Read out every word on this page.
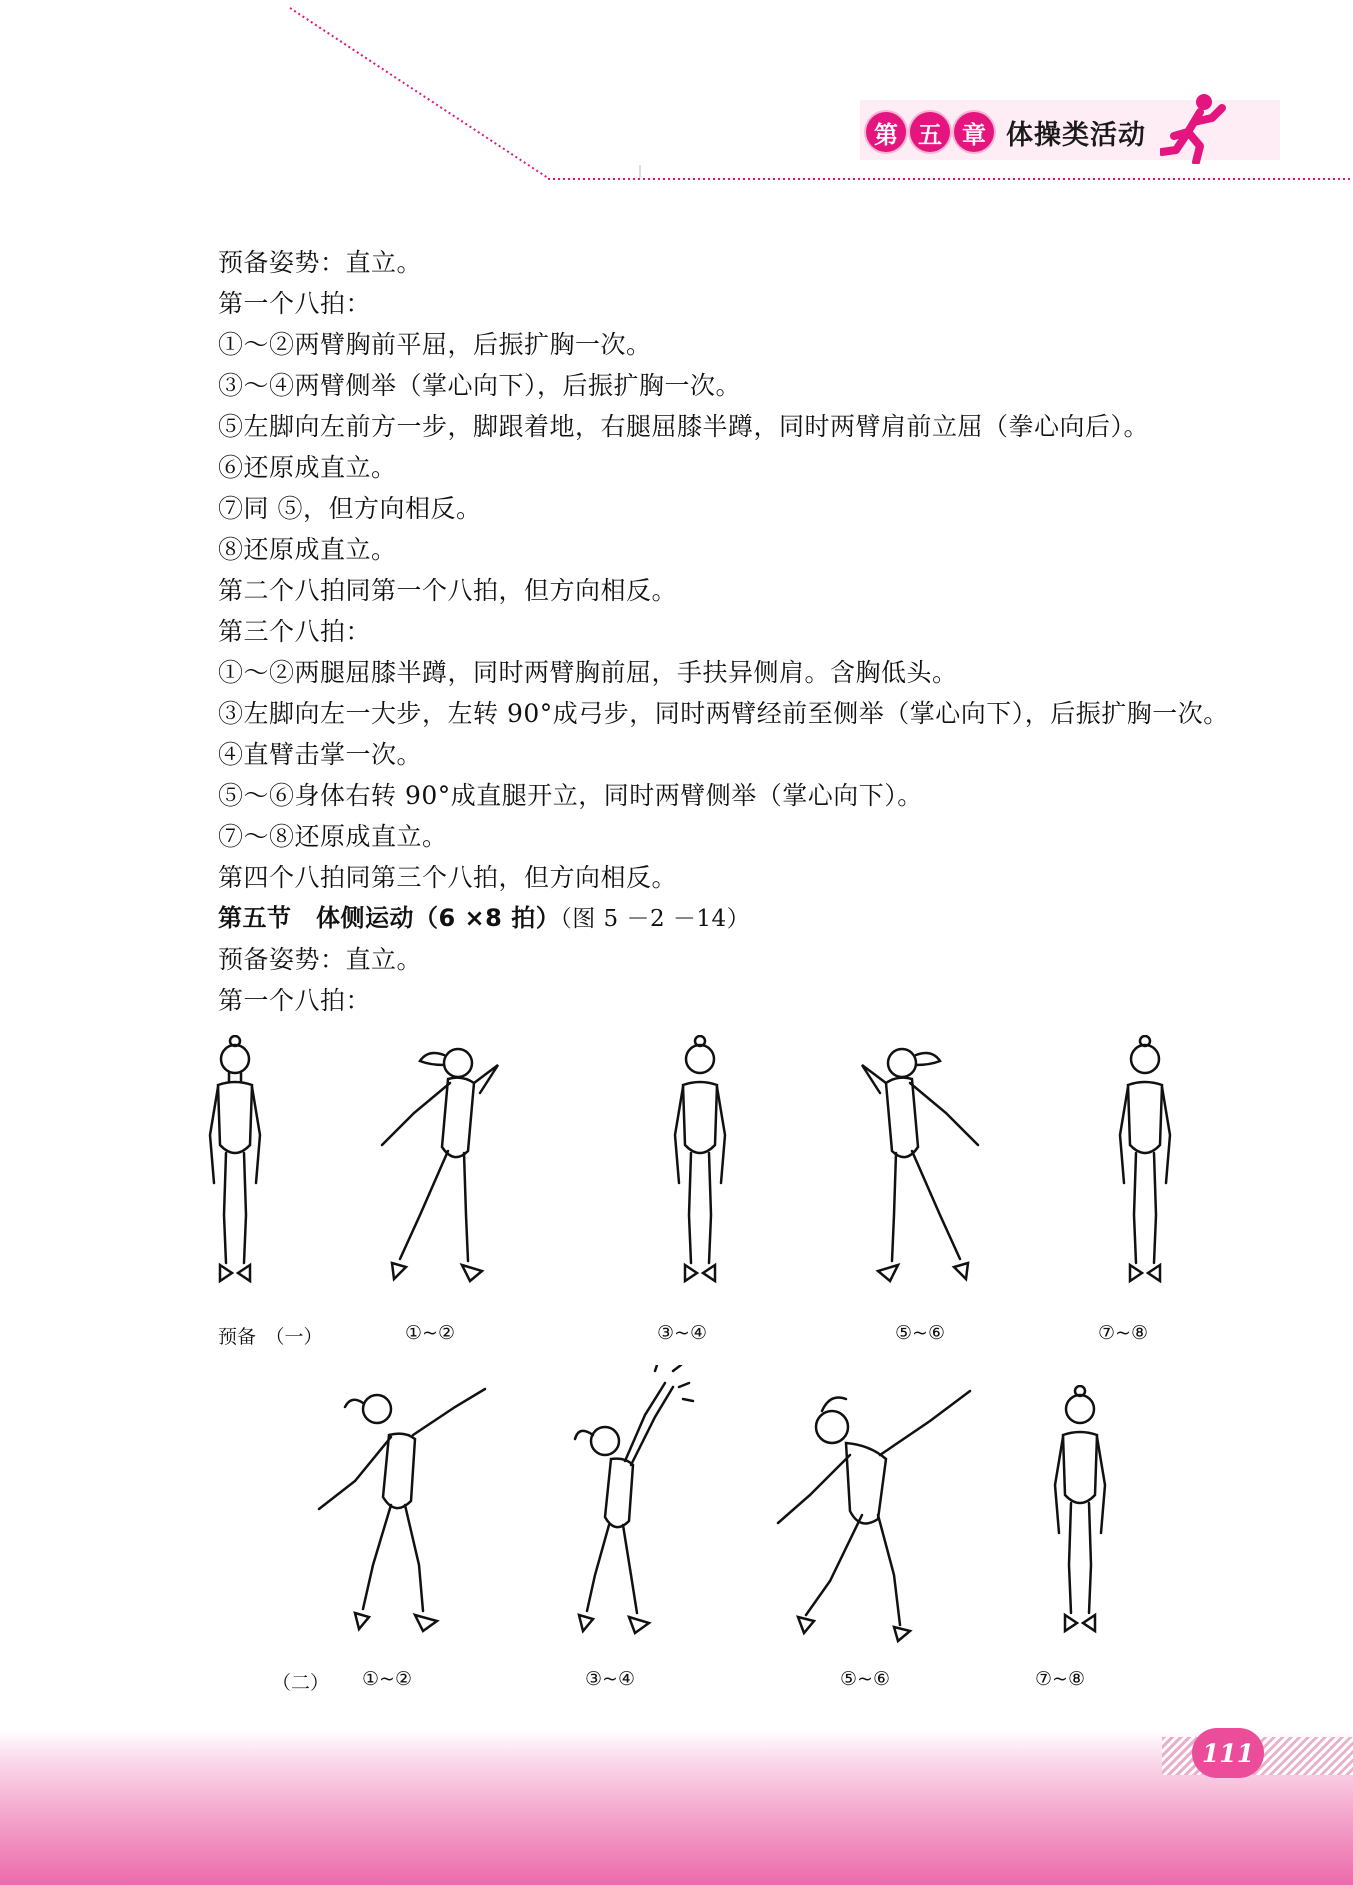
第 五 章 体操类活动
预备姿势：直立。
第一个八拍：
①～②两臂胸前平屈，后振扩胸一次。
③～④两臂侧举（掌心向下），后振扩胸一次。
⑤左脚向左前方一步，脚跟着地，右腿屈膝半蹲，同时两臂肩前立屈（拳心向后）。
⑥还原成直立。
⑦同 ⑤，但方向相反。
⑧还原成直立。
第二个八拍同第一个八拍，但方向相反。
第三个八拍：
①～②两腿屈膝半蹲，同时两臂胸前屈，手扶异侧肩。含胸低头。
③左脚向左一大步，左转 90°成弓步，同时两臂经前至侧举（掌心向下），后振扩胸一次。
④直臂击掌一次。
⑤～⑥身体右转 90°成直腿开立，同时两臂侧举（掌心向下）。
⑦～⑧还原成直立。
第四个八拍同第三个八拍，但方向相反。
第五节　体侧运动（6 ×8 拍）（图 5 －2 －14）
预备姿势：直立。
第一个八拍：
预备　（一）	①~②	③~④	⑤~⑥	⑦~⑧
（二） ①~②	③~④	⑤~⑥	⑦~⑧
111
